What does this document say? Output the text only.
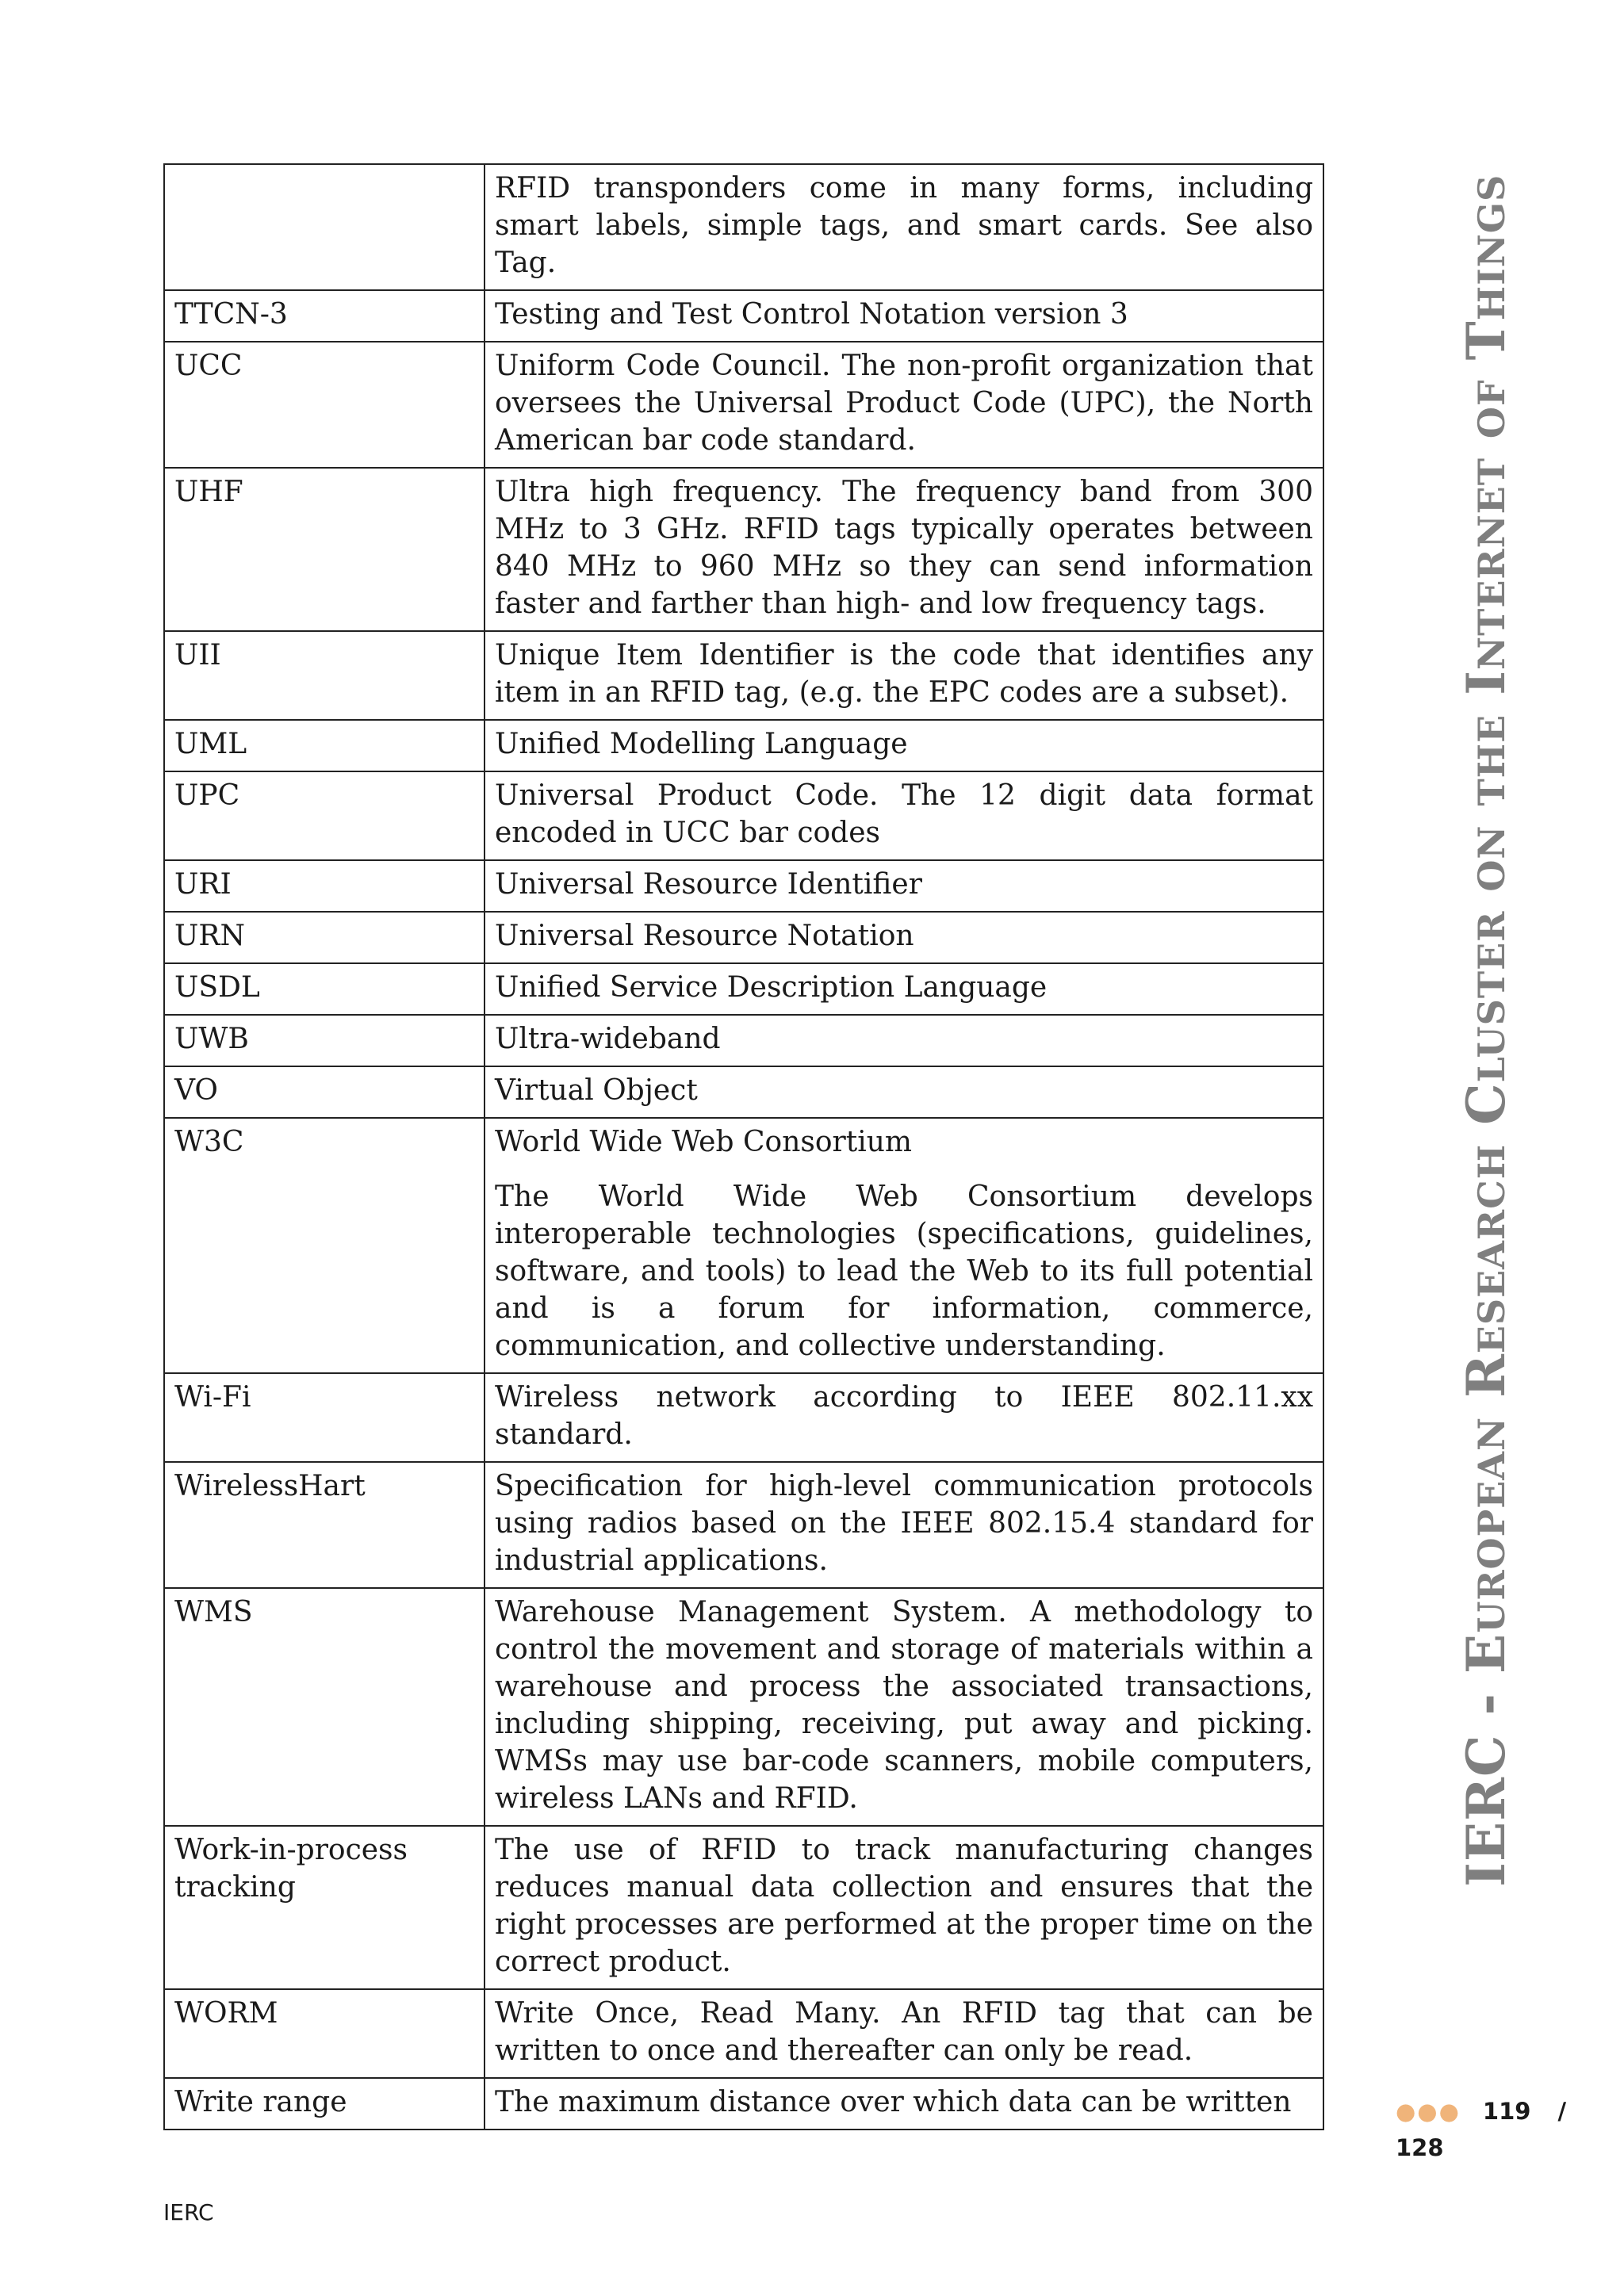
	RFID transponders come in many forms, including smart labels, simple tags, and smart cards. See also Tag.

TTCN-3	Testing and Test Control Notation version 3

UCC	Uniform Code Council. The non-profit organization that oversees the Universal Product Code (UPC), the North American bar code standard.

UHF	Ultra high frequency. The frequency band from 300 MHz to 3 GHz. RFID tags typically operates between 840 MHz to 960 MHz so they can send information faster and farther than high- and low frequency tags.

UII	Unique Item Identifier is the code that identifies any item in an RFID tag, (e.g. the EPC codes are a subset).

UML	Unified Modelling Language

UPC	Universal Product Code. The 12 digit data format encoded in UCC bar codes

URI	Universal Resource Identifier

URN	Universal Resource Notation

USDL	Unified Service Description Language

UWB	Ultra-wideband

VO	Virtual Object

W3C	World Wide Web Consortium

The World Wide Web Consortium develops interoperable technologies (specifications, guidelines, software, and tools) to lead the Web to its full potential and is a forum for information, commerce, communication, and collective understanding.

Wi-Fi	Wireless network according to IEEE 802.11.xx standard.

WirelessHart	Specification for high-level communication protocols using radios based on the IEEE 802.15.4 standard for industrial applications.

WMS	Warehouse Management System. A methodology to control the movement and storage of materials within a warehouse and process the associated transactions, including shipping, receiving, put away and picking. WMSs may use bar-code scanners, mobile computers, wireless LANs and RFID.

Work-in-process tracking	The use of RFID to track manufacturing changes reduces manual data collection and ensures that the right processes are performed at the proper time on the correct product.

WORM	Write Once, Read Many. An RFID tag that can be written to once and thereafter can only be read.

Write range	The maximum distance over which data can be written

IERC - European Research Cluster on the Internet of Things
●●● 119 /
128
IERC
